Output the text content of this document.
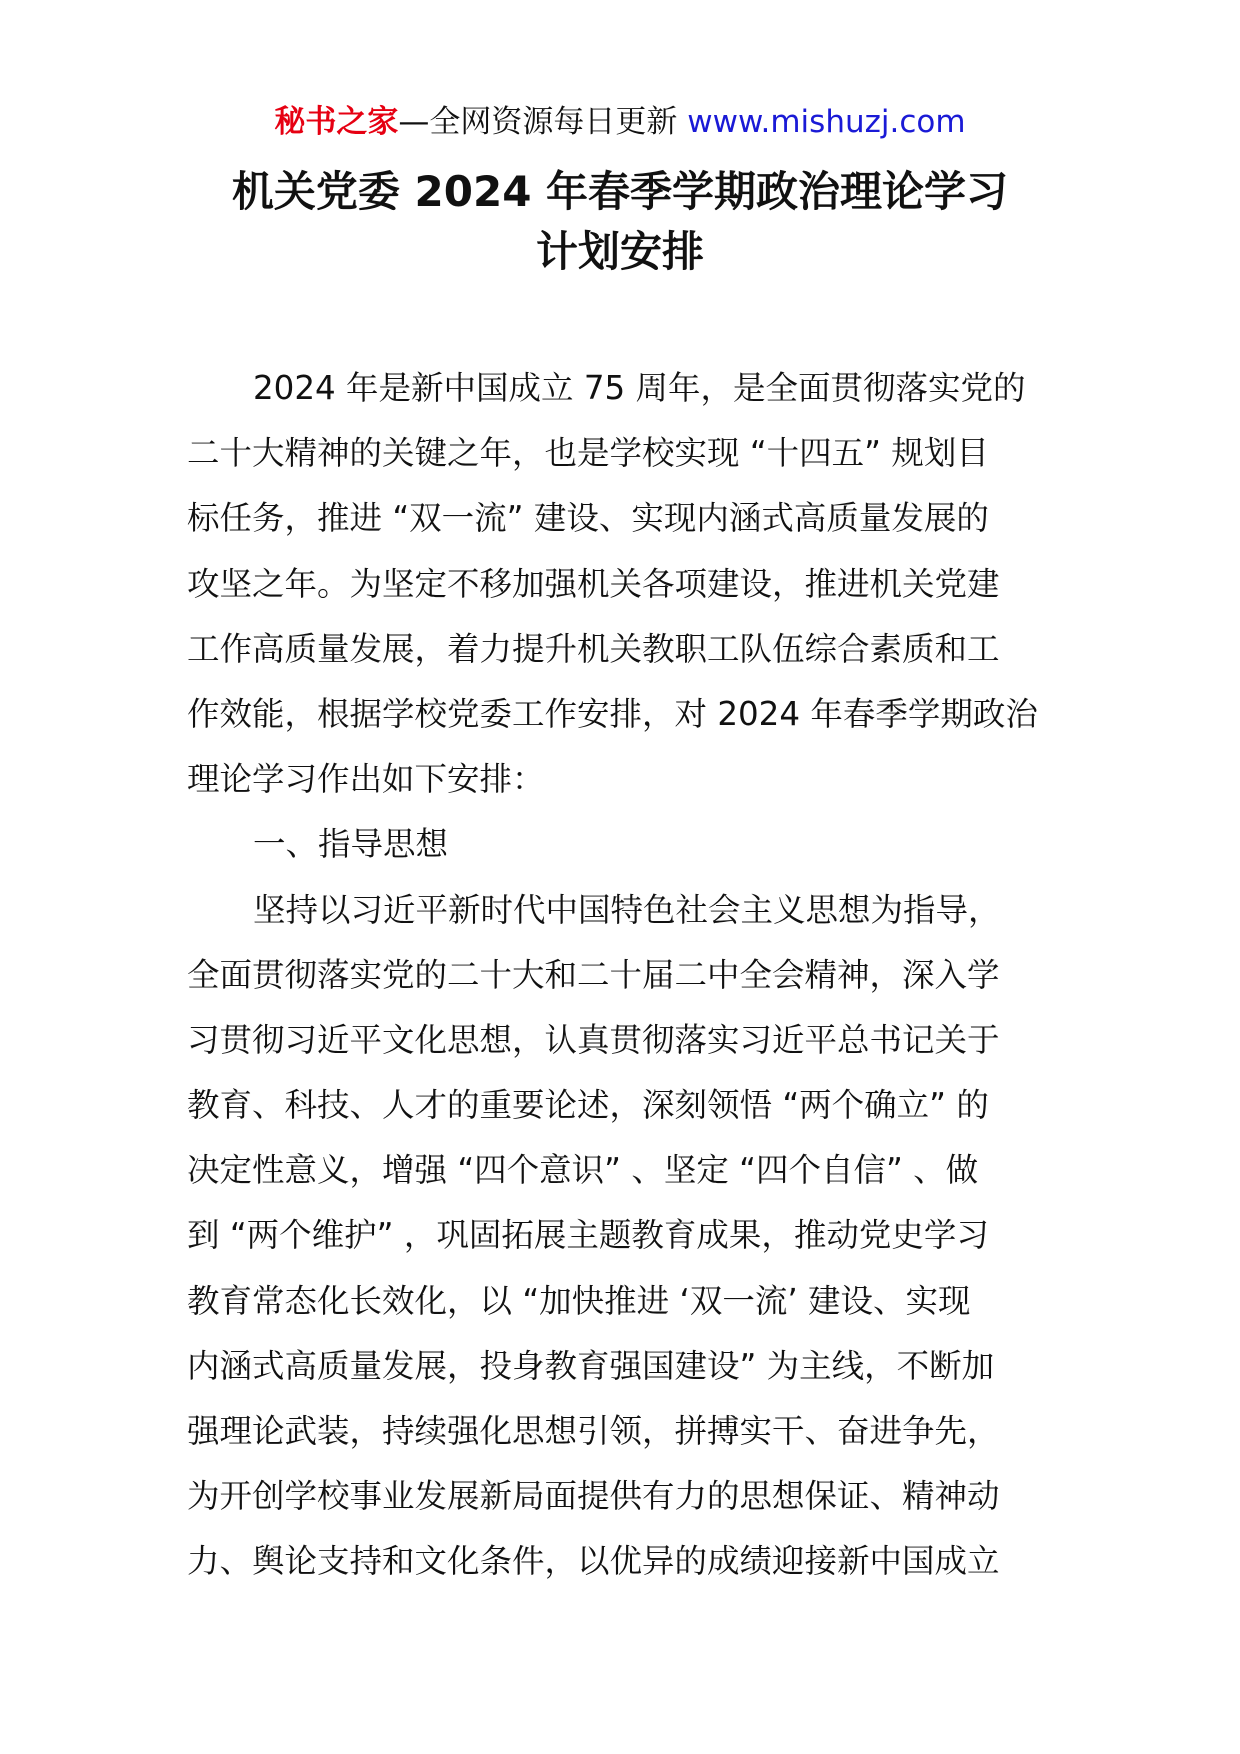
秘书之家—全网资源每日更新 www.mishuzj.com
机关党委 2024 年春季学期政治理论学习
计划安排
2024 年是新中国成立 75 周年，是全面贯彻落实党的
二十大精神的关键之年，也是学校实现 “十四五” 规划目
标任务，推进 “双一流” 建设、实现内涵式高质量发展的
攻坚之年。为坚定不移加强机关各项建设，推进机关党建
工作高质量发展，着力提升机关教职工队伍综合素质和工
作效能，根据学校党委工作安排，对 2024 年春季学期政治
理论学习作出如下安排：
一、指导思想
坚持以习近平新时代中国特色社会主义思想为指导，
全面贯彻落实党的二十大和二十届二中全会精神，深入学
习贯彻习近平文化思想，认真贯彻落实习近平总书记关于
教育、科技、人才的重要论述，深刻领悟 “两个确立” 的
决定性意义，增强 “四个意识” 、坚定 “四个自信” 、做
到 “两个维护” ，巩固拓展主题教育成果，推动党史学习
教育常态化长效化，以 “加快推进 ‘双一流’ 建设、实现
内涵式高质量发展，投身教育强国建设” 为主线，不断加
强理论武装，持续强化思想引领，拼搏实干、奋进争先，
为开创学校事业发展新局面提供有力的思想保证、精神动
力、舆论支持和文化条件，以优异的成绩迎接新中国成立
